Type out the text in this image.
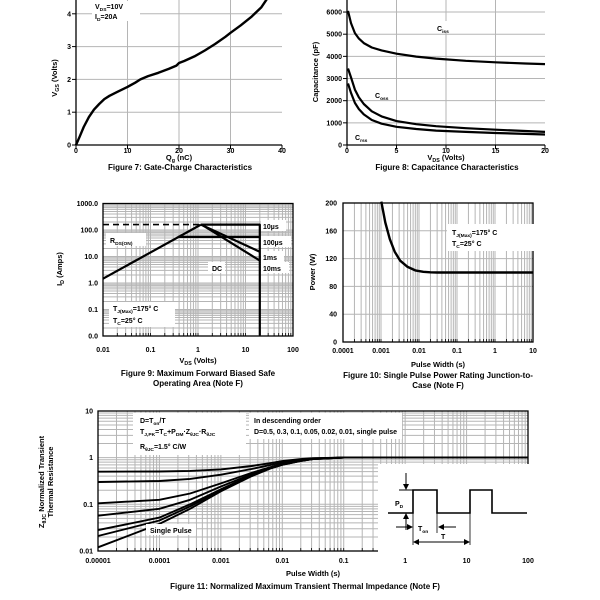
$V_{DS}=10V$
$I_D=20A$
0	10	20	30	40
0
1
2
3
4
$Q_g$ (nC)
$V_{GS}$ (Volts)
Figure 7: Gate-Charge Characteristics
$C_{iss}$
$C_{oss}$
$C_{rss}$
0	5	10	15	20
0
1000
2000
3000
4000
5000
6000
$V_{DS}$ (Volts)
Capacitance (pF)
Figure 8: Capacitance Characteristics
$R_{DS(ON)}$
$T_{J(Max)}=175^\circ$ C
$T_C=25^\circ$ C
DC
10µs
100µs
1ms
10ms
0.01	0.1	1	10	100
1000.0
100.0
10.0
1.0
0.1
0.0
$V_{DS}$ (Volts)
$I_D$ (Amps)
Figure 9: Maximum Forward Biased Safe
Operating Area (Note F)
$T_{J(Max)}=175^\circ$ C
$T_C=25^\circ$ C
0.0001	0.001	0.01	0.1	1	10
0
40
80
120
160
200
Pulse Width (s)
Power (W)
Figure 10: Single Pulse Power Rating Junction-to-
Case (Note F)
$D=T_{on}/T$
$T_{J,PK}=T_C+P_{DM}\cdot Z_{\theta JC}\cdot R_{\theta JC}$
$R_{\theta JC}=1.5^\circ$ C/W
In descending order
D=0.5, 0.3, 0.1, 0.05, 0.02, 0.01, single pulse
Single Pulse
$P_D$
$T_{on}$
T
0.00001	0.0001	0.001	0.01	0.1	1	10	100
10
1
0.1
0.01
Pulse Width (s)
$Z_{\theta JC}$ Normalized Transient Thermal Resistance
Figure 11: Normalized Maximum Transient Thermal Impedance (Note F)
